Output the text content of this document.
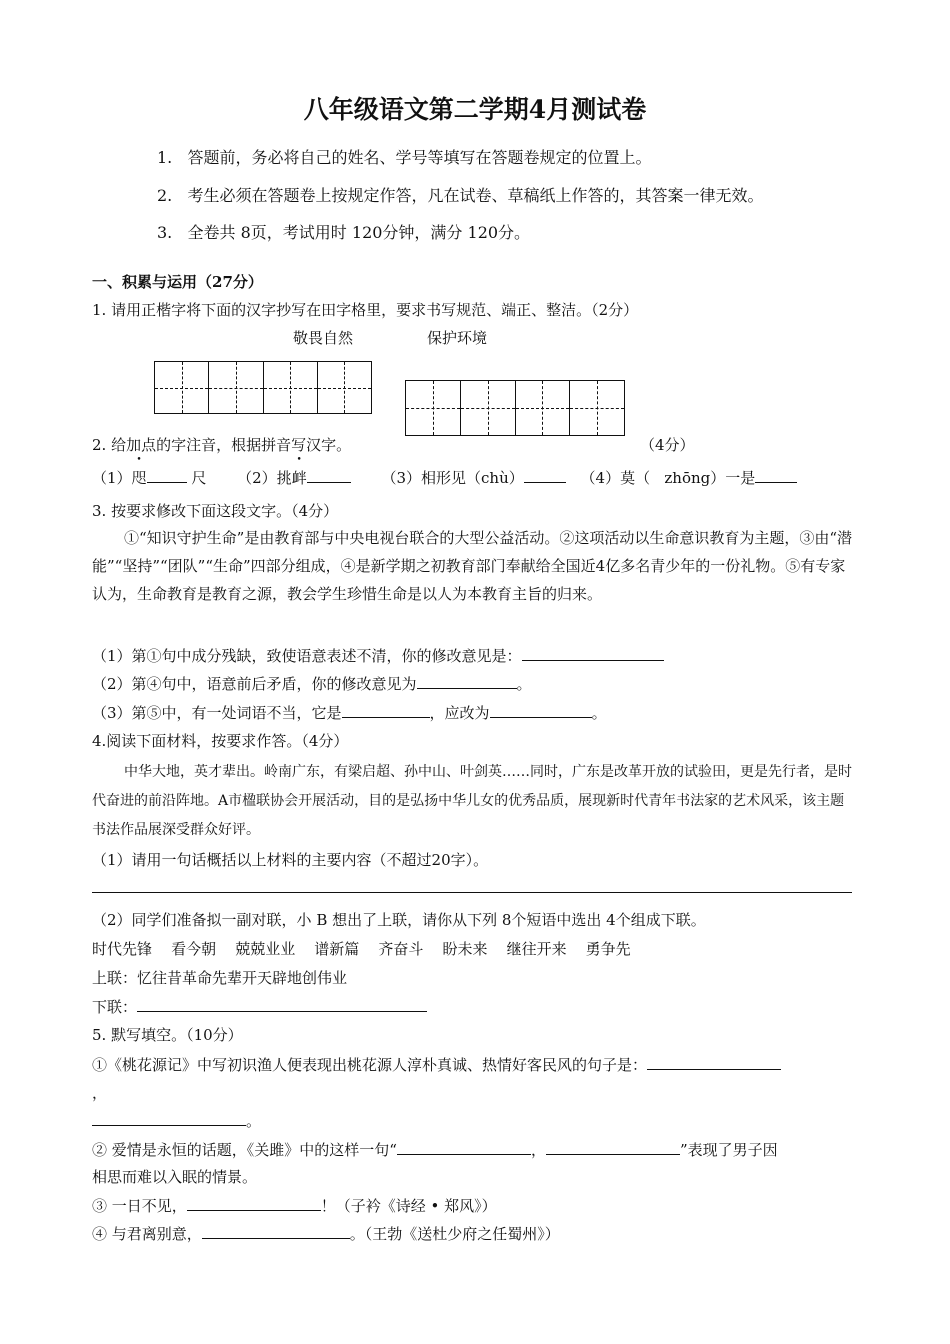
八年级语文第二学期4月测试卷
1. 答题前，务必将自己的姓名、学号等填写在答题卷规定的位置上。
2. 考生必须在答题卷上按规定作答，凡在试卷、草稿纸上作答的，其答案一律无效。
3. 全卷共 8页，考试用时 120分钟，满分 120分。
一、积累与运用（27分）
1. 请用正楷字将下面的汉字抄写在田字格里，要求书写规范、端正、整洁。（2分）
敬畏自然	保护环境
2. 给加点的字注音，根据拼音写汉字。	（4分）
（1）咫	尺 （2）挑衅	（3）相形见（chù）	（4）莫（ zhōng）一是
3. 按要求修改下面这段文字。（4分）
①“知识守护生命”是由教育部与中央电视台联合的大型公益活动。②这项活动以生命意识教育为主题，③由“潜能”“坚持”“团队”“生命”四部分组成，④是新学期之初教育部门奉献给全国近4亿多名青少年的一份礼物。⑤有专家认为，生命教育是教育之源，教会学生珍惜生命是以人为本教育主旨的归来。
（1）第①句中成分残缺，致使语意表述不清，你的修改意见是：
（2）第④句中，语意前后矛盾，你的修改意见为	。
（3）第⑤中，有一处词语不当，它是	，应改为	。
4.阅读下面材料，按要求作答。（4分）
中华大地，英才辈出。岭南广东，有梁启超、孙中山、叶剑英……同时，广东是改革开放的试验田，更是先行者，是时代奋进的前沿阵地。A市楹联协会开展活动，目的是弘扬中华儿女的优秀品质，展现新时代青年书法家的艺术风采，该主题书法作品展深受群众好评。
（1）请用一句话概括以上材料的主要内容（不超过20字）。
（2）同学们准备拟一副对联，小 B 想出了上联，请你从下列 8个短语中选出 4个组成下联。
时代先锋 看今朝 兢兢业业 谱新篇 齐奋斗 盼未来 继往开来 勇争先
上联：忆往昔革命先辈开天辟地创伟业
下联：
5. 默写填空。（10分）
①《桃花源记》中写初识渔人便表现出桃花源人淳朴真诚、热情好客民风的句子是：
，
。
② 爱情是永恒的话题，《关雎》中的这样一句“	，	”表现了男子因
相思而难以入眠的情景。
③ 一日不见，	！（子衿《诗经 • 郑风》）
④ 与君离别意，	。（王勃《送杜少府之任蜀州》）
